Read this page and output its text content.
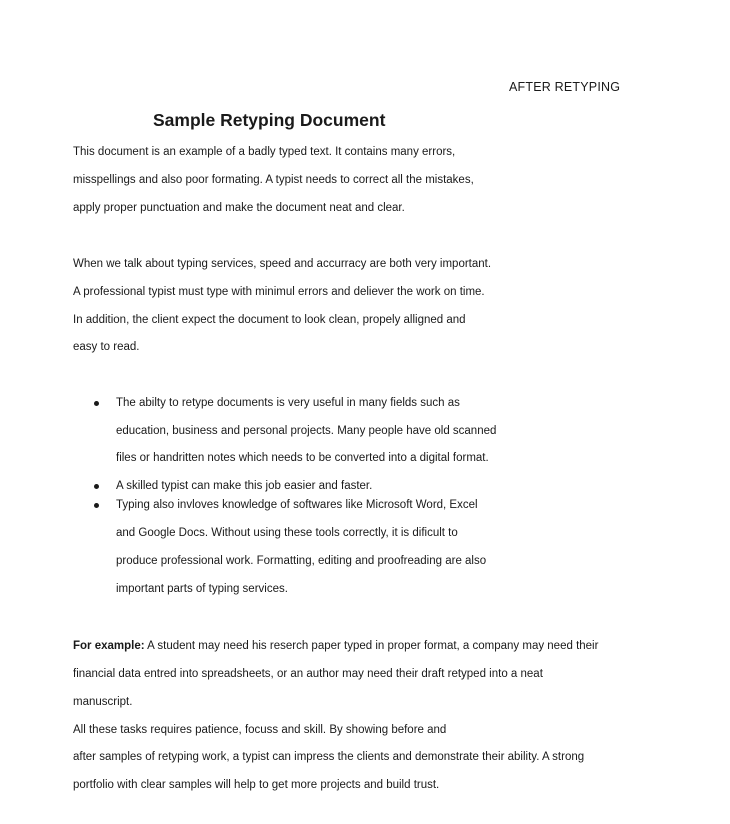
AFTER RETYPING
Sample Retyping Document
This document is an example of a badly typed text. It contains many errors,
misspellings and also poor formating. A typist needs to correct all the mistakes,
apply proper punctuation and make the document neat and clear.
When we talk about typing services, speed and accurracy are both very important.
A professional typist must type with minimul errors and deliever the work on time.
In addition, the client expect the document to look clean, propely alligned and
easy to read.
The abilty to retype documents is very useful in many fields such as
education, business and personal projects. Many people have old scanned
files or handritten notes which needs to be converted into a digital format.
A skilled typist can make this job easier and faster.
Typing also invloves knowledge of softwares like Microsoft Word, Excel
and Google Docs. Without using these tools correctly, it is dificult to
produce professional work. Formatting, editing and proofreading are also
important parts of typing services.
For example: A student may need his reserch paper typed in proper format, a company may need their
financial data entred into spreadsheets, or an author may need their draft retyped into a neat
manuscript.
All these tasks requires patience, focuss and skill. By showing before and
after samples of retyping work, a typist can impress the clients and demonstrate their ability. A strong
portfolio with clear samples will help to get more projects and build trust.
